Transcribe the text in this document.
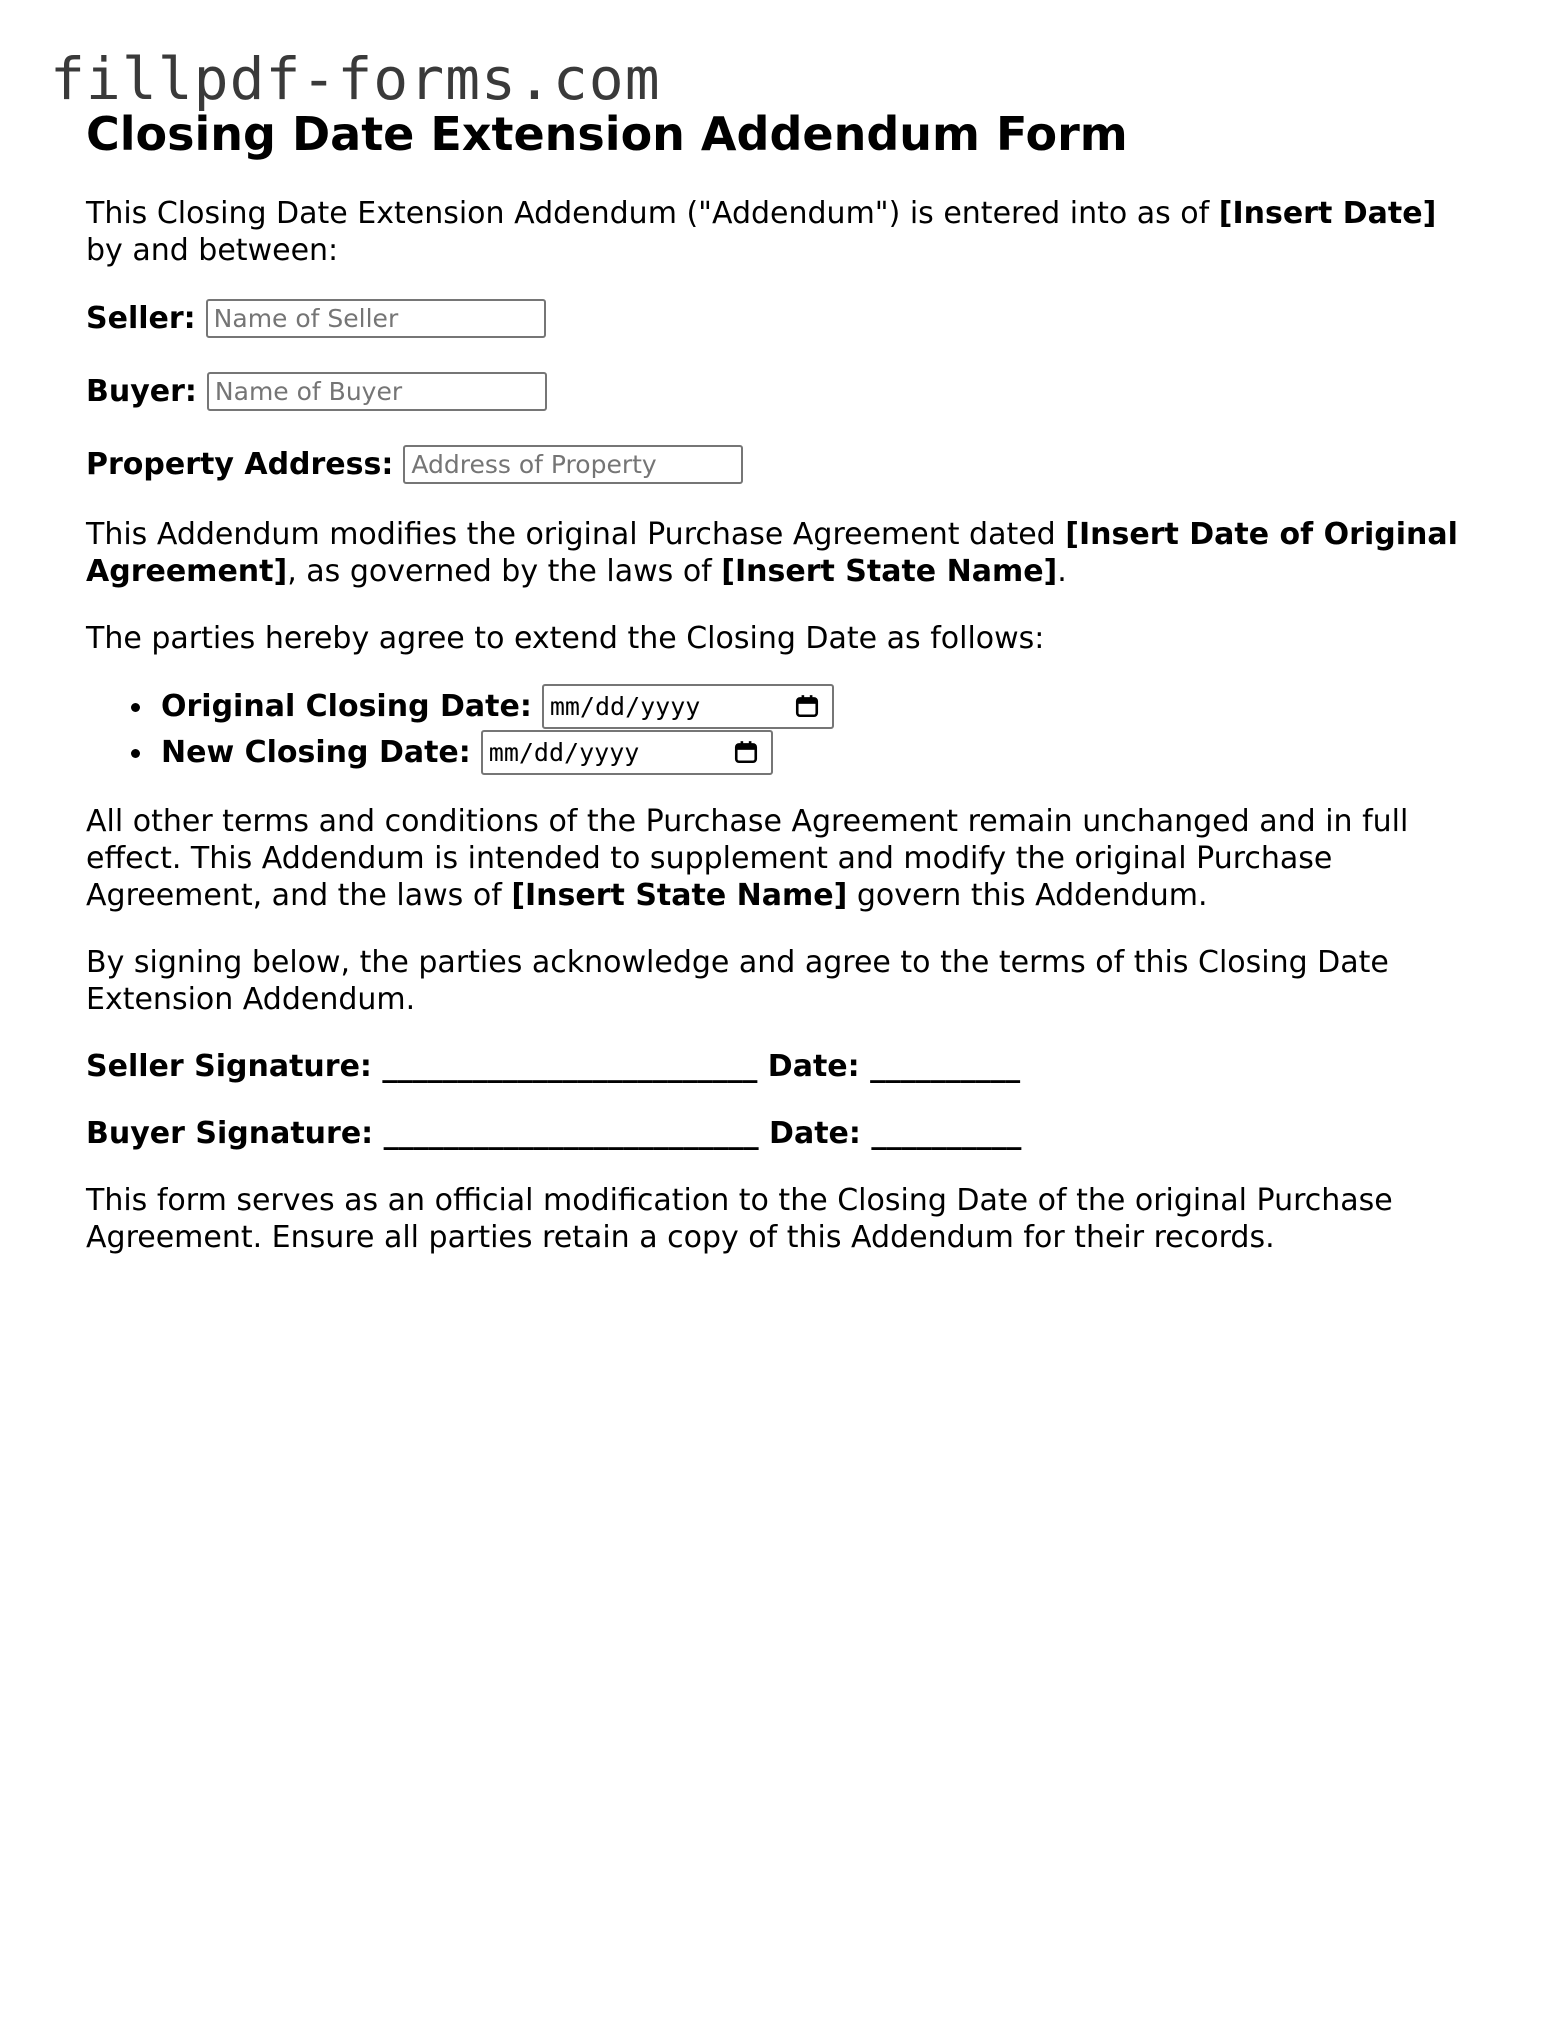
fillpdf-forms.com
Closing Date Extension Addendum Form

This Closing Date Extension Addendum ("Addendum") is entered into as of [Insert Date]
by and between:

Seller:
Name of Seller
Buyer:
Name of Buyer
Property Address:
Address of Property

This Addendum modifies the original Purchase Agreement dated [Insert Date of Original Agreement], as governed by the laws of [Insert State Name].

The parties hereby agree to extend the Closing Date as follows:

Original Closing Date: mm/dd/yyyy
New Closing Date: mm/dd/yyyy

All other terms and conditions of the Purchase Agreement remain unchanged and in full effect. This Addendum is intended to supplement and modify the original Purchase Agreement, and the laws of [Insert State Name] govern this Addendum.

By signing below, the parties acknowledge and agree to the terms of this Closing Date Extension Addendum.

Seller Signature: _________________________ Date: __________
Buyer Signature: _________________________ Date: __________

This form serves as an official modification to the Closing Date of the original Purchase Agreement. Ensure all parties retain a copy of this Addendum for their records.
